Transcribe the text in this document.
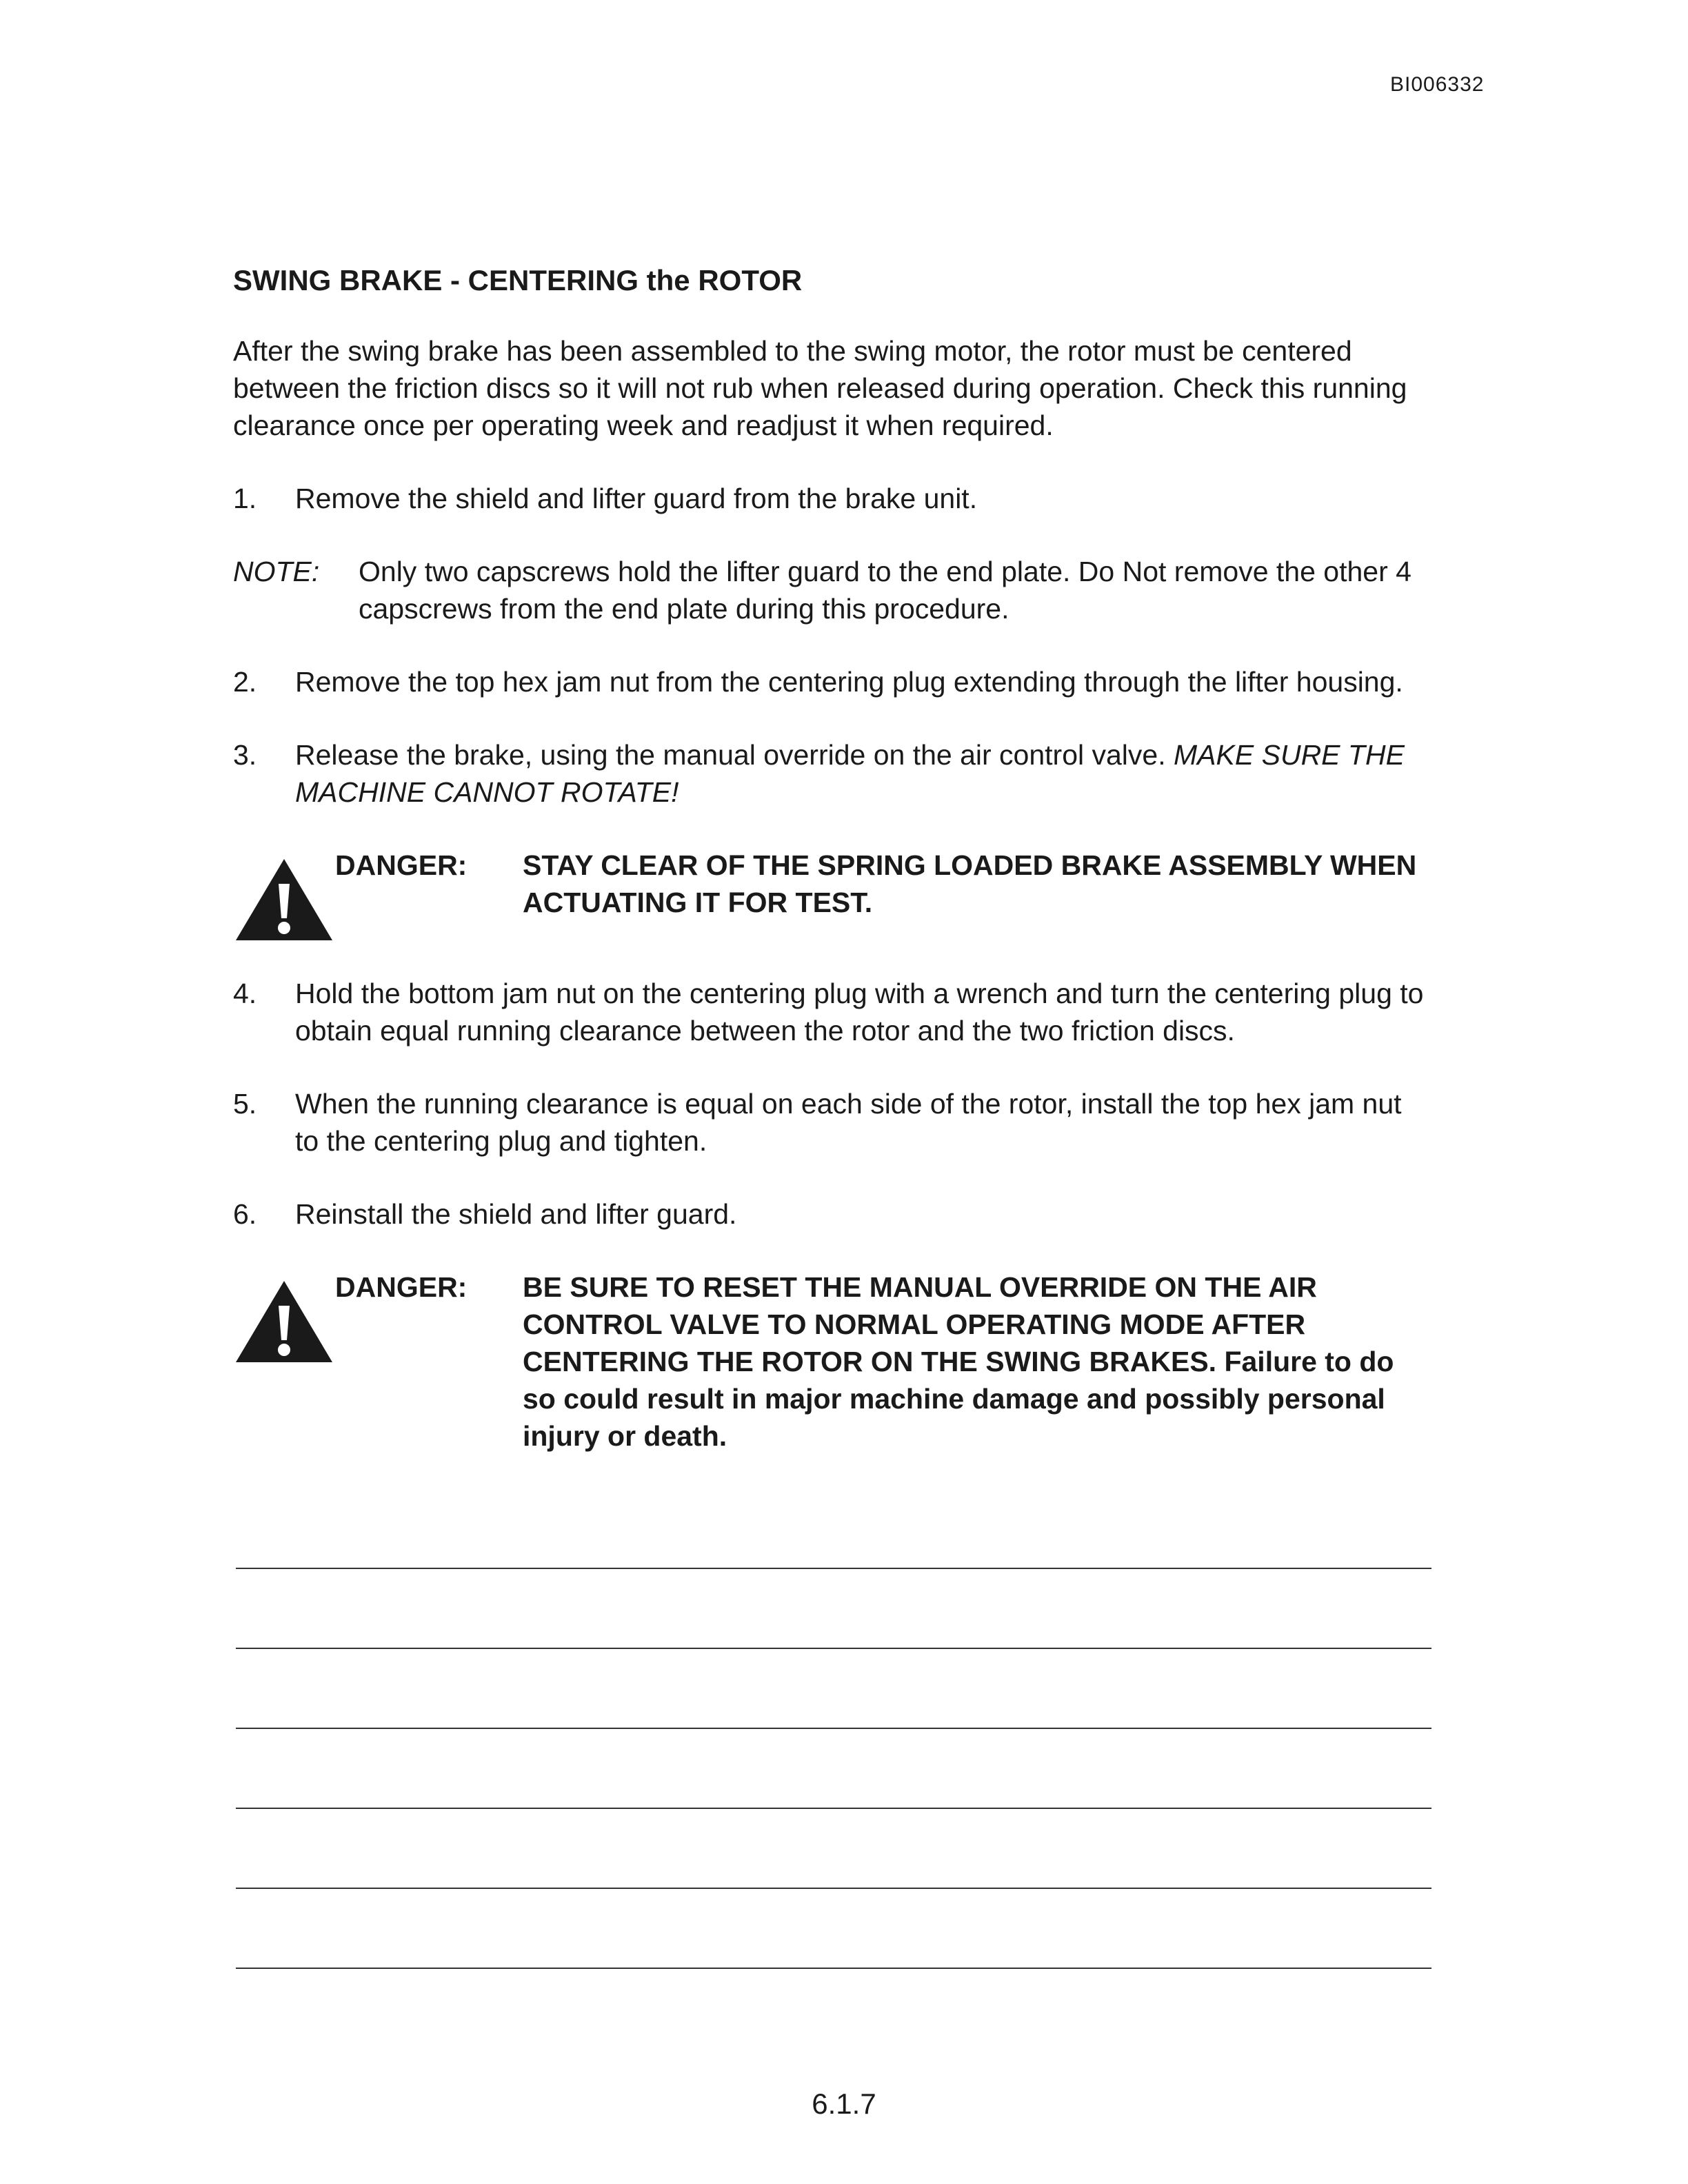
BI006332
SWING BRAKE - CENTERING the ROTOR
After the swing brake has been assembled to the swing motor, the rotor must be centered between the friction discs so it will not rub when released during operation. Check this running clearance once per operating week and readjust it when required.
1. Remove the shield and lifter guard from the brake unit.
NOTE: Only two capscrews hold the lifter guard to the end plate. Do Not remove the other 4 capscrews from the end plate during this procedure.
2. Remove the top hex jam nut from the centering plug extending through the lifter housing.
3. Release the brake, using the manual override on the air control valve. MAKE SURE THE MACHINE CANNOT ROTATE!
DANGER: STAY CLEAR OF THE SPRING LOADED BRAKE ASSEMBLY WHEN ACTUATING IT FOR TEST.
4. Hold the bottom jam nut on the centering plug with a wrench and turn the centering plug to obtain equal running clearance between the rotor and the two friction discs.
5. When the running clearance is equal on each side of the rotor, install the top hex jam nut to the centering plug and tighten.
6. Reinstall the shield and lifter guard.
DANGER: BE SURE TO RESET THE MANUAL OVERRIDE ON THE AIR CONTROL VALVE TO NORMAL OPERATING MODE AFTER CENTERING THE ROTOR ON THE SWING BRAKES. Failure to do so could result in major machine damage and possibly personal injury or death.
6.1.7
